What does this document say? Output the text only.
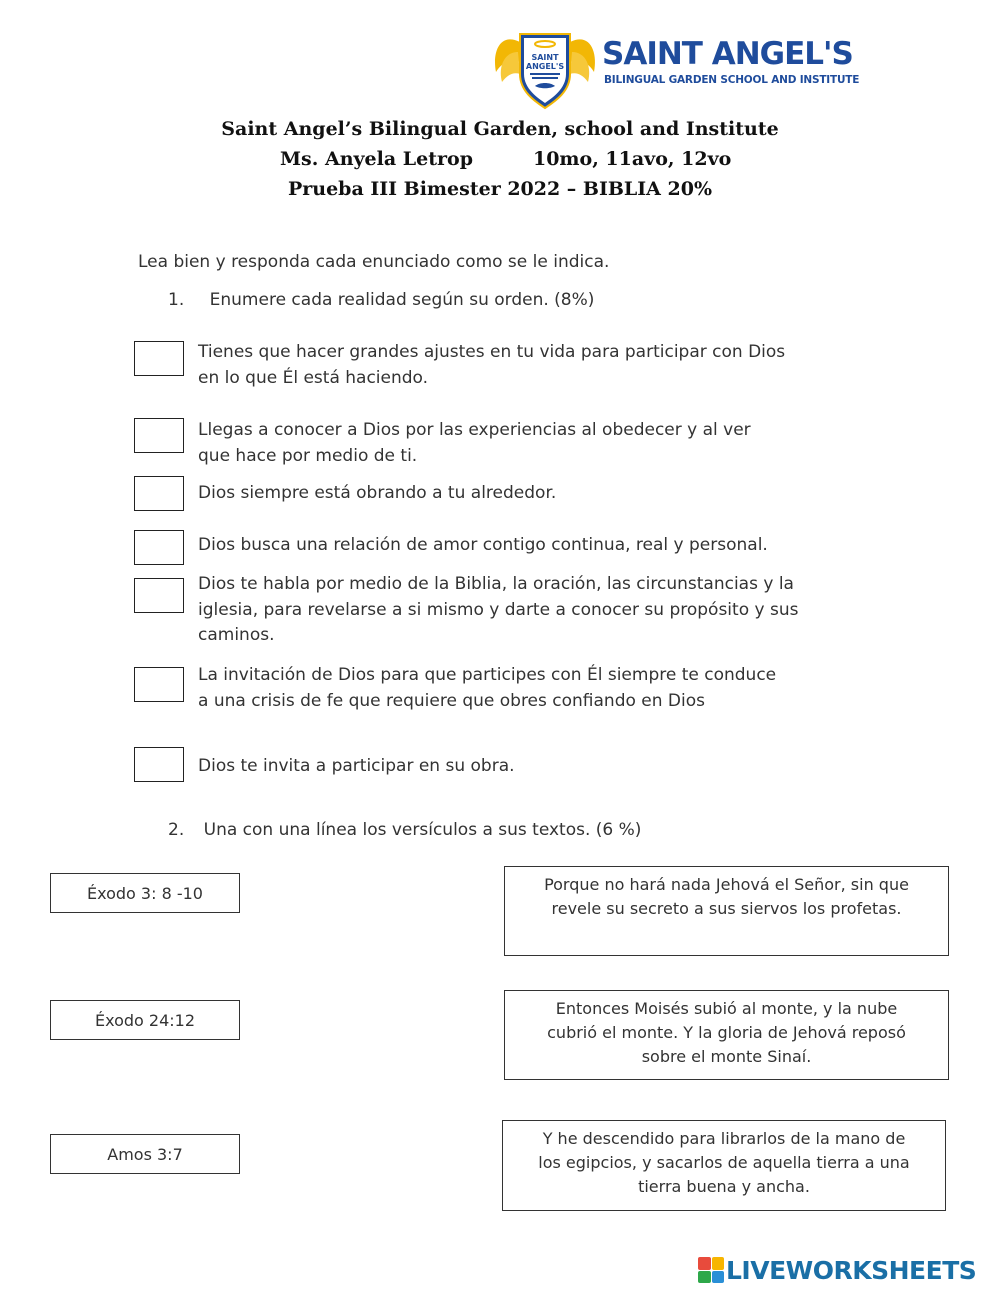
SAINT
ANGEL'S SAINT ANGEL'S
BILINGUAL GARDEN SCHOOL AND INSTITUTE
Saint Angel’s Bilingual Garden, school and Institute
Ms. Anyela Letrop	10mo, 11avo, 12vo
Prueba III Bimester 2022 – BIBLIA 20%
Lea bien y responda cada enunciado como se le indica.
1. Enumere cada realidad según su orden. (8%)
Tienes que hacer grandes ajustes en tu vida para participar con Dios
en lo que Él está haciendo.
Llegas a conocer a Dios por las experiencias al obedecer y al ver
que hace por medio de ti.
Dios siempre está obrando a tu alrededor.
Dios busca una relación de amor contigo continua, real y personal.
Dios te habla por medio de la Biblia, la oración, las circunstancias y la
iglesia, para revelarse a si mismo y darte a conocer su propósito y sus
caminos.
La invitación de Dios para que participes con Él siempre te conduce
a una crisis de fe que requiere que obres confiando en Dios
Dios te invita a participar en su obra.
2. Una con una línea los versículos a sus textos. (6 %)
Éxodo 3: 8 -10
Éxodo 24:12
Amos 3:7
Porque no hará nada Jehová el Señor, sin que
revele su secreto a sus siervos los profetas.
Entonces Moisés subió al monte, y la nube
cubrió el monte. Y la gloria de Jehová reposó
sobre el monte Sinaí.
Y he descendido para librarlos de la mano de
los egipcios, y sacarlos de aquella tierra a una
tierra buena y ancha.
LIVEWORKSHEETS
